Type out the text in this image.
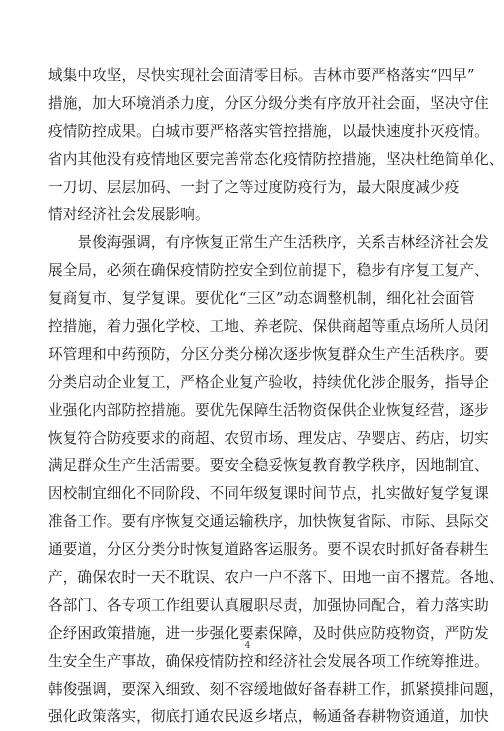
域集中攻坚，尽快实现社会面清零目标。吉林市要严格落实“四早”
措施，加大环境消杀力度，分区分级分类有序放开社会面，坚决守住
疫情防控成果。白城市要严格落实管控措施，以最快速度扑灭疫情。
省内其他没有疫情地区要完善常态化疫情防控措施，坚决杜绝简单化、
一刀切、层层加码、一封了之等过度防疫行为，最大限度减少疫
情对经济社会发展影响。
　　景俊海强调，有序恢复正常生产生活秩序，关系吉林经济社会发
展全局，必须在确保疫情防控安全到位前提下，稳步有序复工复产、
复商复市、复学复课。要优化“三区”动态调整机制，细化社会面管
控措施，着力强化学校、工地、养老院、保供商超等重点场所人员闭
环管理和中药预防，分区分类分梯次逐步恢复群众生产生活秩序。要
分类启动企业复工，严格企业复产验收，持续优化涉企服务，指导企
业强化内部防控措施。要优先保障生活物资保供企业恢复经营，逐步
恢复符合防疫要求的商超、农贸市场、理发店、孕婴店、药店，切实
满足群众生产生活需要。要安全稳妥恢复教育教学秩序，因地制宜、
因校制宜细化不同阶段、不同年级复课时间节点，扎实做好复学复课
准备工作。要有序恢复交通运输秩序，加快恢复省际、市际、县际交
通要道，分区分类分时恢复道路客运服务。要不误农时抓好备春耕生
产，确保农时一天不耽误、农户一户不落下、田地一亩不撂荒。各地、
各部门、各专项工作组要认真履职尽责，加强协同配合，着力落实助
企纾困政策措施，进一步强化要素保障，及时供应防疫物资，严防发
生安全生产事故，确保疫情防控和经济社会发展各项工作统筹推进。
韩俊强调，要深入细致、刻不容缓地做好备春耕工作，抓紧摸排问题，
强化政策落实，彻底打通农民返乡堵点，畅通备春耕物资通道，加快
4
